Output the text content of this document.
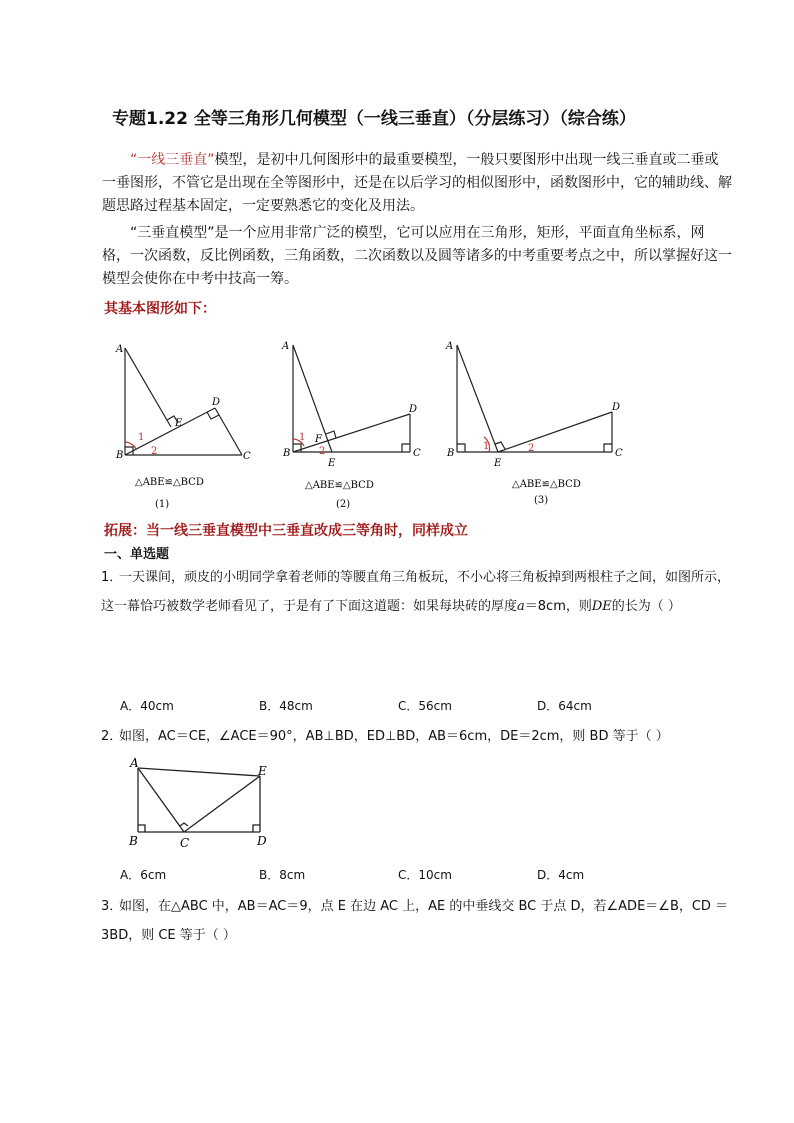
专题1.22 全等三角形几何模型（一线三垂直）（分层练习）（综合练）
“一线三垂直”模型，是初中几何图形中的最重要模型，一般只要图形中出现一线三垂直或二垂或一垂图形，不管它是出现在全等图形中，还是在以后学习的相似图形中，函数图形中，它的辅助线、解题思路过程基本固定，一定要熟悉它的变化及用法。
“三垂直模型”是一个应用非常广泛的模型，它可以应用在三角形，矩形，平面直角坐标系，网格，一次函数，反比例函数，三角函数，二次函数以及圆等诸多的中考重要考点之中，所以掌握好这一模型会使你在中考中技高一筹。
其基本图形如下：
A
B	C
D
E
1
2
△ABE≌△BCD
(1)
A
B	C
D
E
F
1
2
△ABE≌△BCD
(2)
A
B	C
D
E
1	2
△ABE≌△BCD
(3)
拓展：当一线三垂直模型中三垂直改成三等角时，同样成立
一、单选题
1．一天课间，顽皮的小明同学拿着老师的等腰直角三角板玩，不小心将三角板掉到两根柱子之间，如图所示，这一幕恰巧被数学老师看见了，于是有了下面这道题：如果每块砖的厚度a＝8cm，则DE的长为（ ）
A．40cm	B．48cm	C．56cm	D．64cm
2．如图，AC＝CE，∠ACE＝90°，AB⊥BD，ED⊥BD，AB＝6cm，DE＝2cm，则 BD 等于（ ）
A
B	C	D
E
A．6cm	B．8cm	C．10cm	D．4cm
3．如图，在△ABC 中，AB＝AC＝9，点 E 在边 AC 上，AE 的中垂线交 BC 于点 D，若∠ADE＝∠B，CD ＝3BD，则 CE 等于（ ）
